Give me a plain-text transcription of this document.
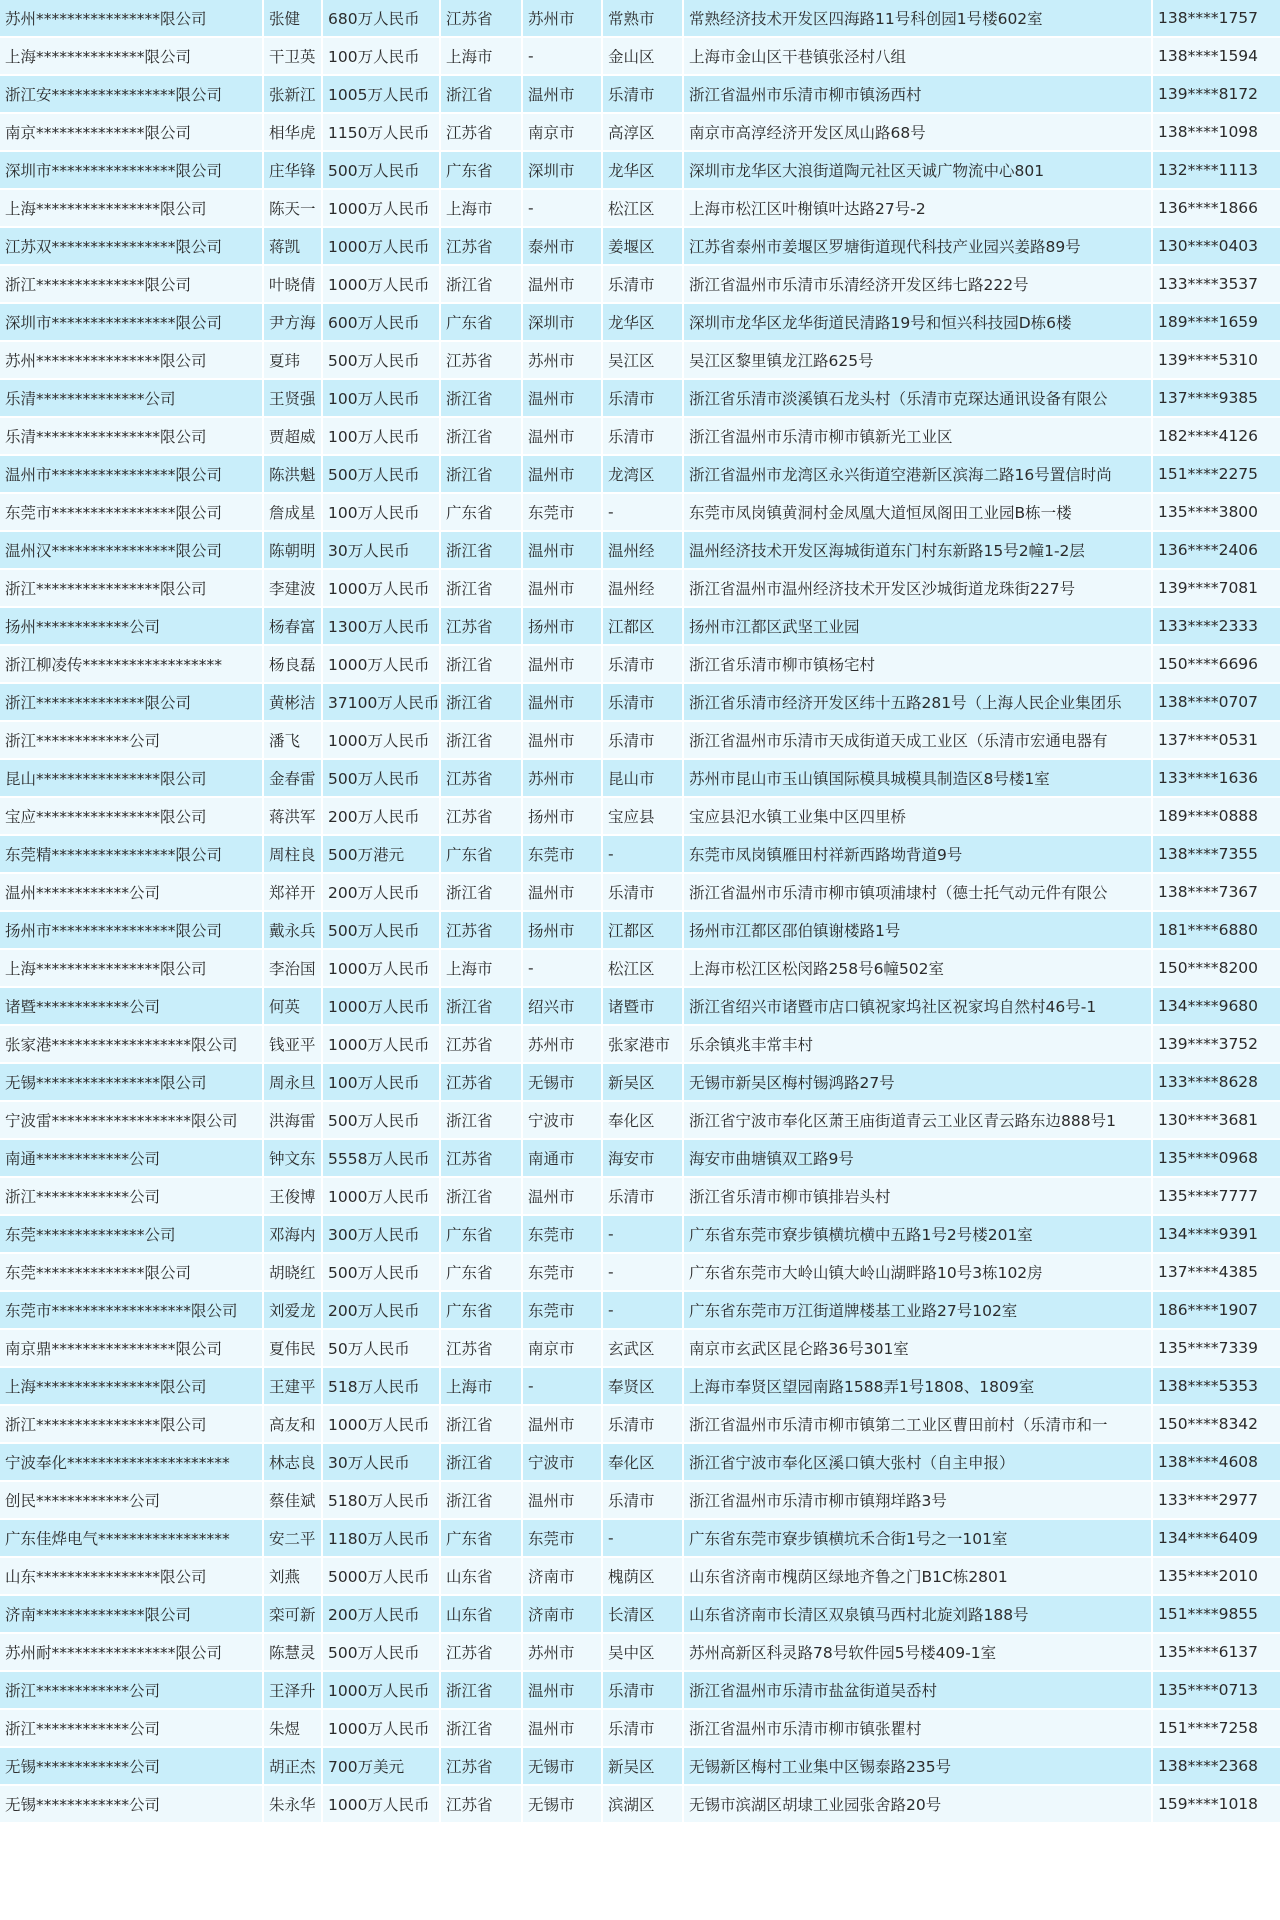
苏州****************限公司	张健	680万人民币	江苏省	苏州市	常熟市	常熟经济技术开发区四海路11号科创园1号楼602室	138****1757
上海**************限公司	干卫英	100万人民币	上海市	-	金山区	上海市金山区干巷镇张泾村八组	138****1594
浙江安****************限公司	张新江	1005万人民币	浙江省	温州市	乐清市	浙江省温州市乐清市柳市镇汤西村	139****8172
南京**************限公司	相华虎	1150万人民币	江苏省	南京市	高淳区	南京市高淳经济开发区凤山路68号	138****1098
深圳市****************限公司	庄华锋	500万人民币	广东省	深圳市	龙华区	深圳市龙华区大浪街道陶元社区天诚广物流中心801	132****1113
上海****************限公司	陈天一	1000万人民币	上海市	-	松江区	上海市松江区叶榭镇叶达路27号-2	136****1866
江苏双****************限公司	蒋凯	1000万人民币	江苏省	泰州市	姜堰区	江苏省泰州市姜堰区罗塘街道现代科技产业园兴姜路89号	130****0403
浙江**************限公司	叶晓倩	1000万人民币	浙江省	温州市	乐清市	浙江省温州市乐清市乐清经济开发区纬七路222号	133****3537
深圳市****************限公司	尹方海	600万人民币	广东省	深圳市	龙华区	深圳市龙华区龙华街道民清路19号和恒兴科技园D栋6楼	189****1659
苏州****************限公司	夏玮	500万人民币	江苏省	苏州市	吴江区	吴江区黎里镇龙江路625号	139****5310
乐清**************公司	王贤强	100万人民币	浙江省	温州市	乐清市	浙江省乐清市淡溪镇石龙头村（乐清市克琛达通讯设备有限公	137****9385
乐清****************限公司	贾超威	100万人民币	浙江省	温州市	乐清市	浙江省温州市乐清市柳市镇新光工业区	182****4126
温州市****************限公司	陈洪魁	500万人民币	浙江省	温州市	龙湾区	浙江省温州市龙湾区永兴街道空港新区滨海二路16号置信时尚	151****2275
东莞市****************限公司	詹成星	100万人民币	广东省	东莞市	-	东莞市凤岗镇黄洞村金凤凰大道恒凤阁田工业园B栋一楼	135****3800
温州汉****************限公司	陈朝明	30万人民币	浙江省	温州市	温州经	温州经济技术开发区海城街道东门村东新路15号2幢1-2层	136****2406
浙江****************限公司	李建波	1000万人民币	浙江省	温州市	温州经	浙江省温州市温州经济技术开发区沙城街道龙珠街227号	139****7081
扬州************公司	杨春富	1300万人民币	江苏省	扬州市	江都区	扬州市江都区武坚工业园	133****2333
浙江柳凌传******************	杨良磊	1000万人民币	浙江省	温州市	乐清市	浙江省乐清市柳市镇杨宅村	150****6696
浙江**************限公司	黄彬洁	37100万人民币	浙江省	温州市	乐清市	浙江省乐清市经济开发区纬十五路281号（上海人民企业集团乐	138****0707
浙江************公司	潘飞	1000万人民币	浙江省	温州市	乐清市	浙江省温州市乐清市天成街道天成工业区（乐清市宏通电器有	137****0531
昆山****************限公司	金春雷	500万人民币	江苏省	苏州市	昆山市	苏州市昆山市玉山镇国际模具城模具制造区8号楼1室	133****1636
宝应****************限公司	蒋洪军	200万人民币	江苏省	扬州市	宝应县	宝应县氾水镇工业集中区四里桥	189****0888
东莞精****************限公司	周柱良	500万港元	广东省	东莞市	-	东莞市凤岗镇雁田村祥新西路坳背道9号	138****7355
温州************公司	郑祥开	200万人民币	浙江省	温州市	乐清市	浙江省温州市乐清市柳市镇项浦埭村（德士托气动元件有限公	138****7367
扬州市****************限公司	戴永兵	500万人民币	江苏省	扬州市	江都区	扬州市江都区邵伯镇谢楼路1号	181****6880
上海****************限公司	李治国	1000万人民币	上海市	-	松江区	上海市松江区松闵路258号6幢502室	150****8200
诸暨************公司	何英	1000万人民币	浙江省	绍兴市	诸暨市	浙江省绍兴市诸暨市店口镇祝家坞社区祝家坞自然村46号-1	134****9680
张家港******************限公司	钱亚平	1000万人民币	江苏省	苏州市	张家港市	乐余镇兆丰常丰村	139****3752
无锡****************限公司	周永旦	100万人民币	江苏省	无锡市	新吴区	无锡市新吴区梅村锡鸿路27号	133****8628
宁波雷******************限公司	洪海雷	500万人民币	浙江省	宁波市	奉化区	浙江省宁波市奉化区萧王庙街道青云工业区青云路东边888号1	130****3681
南通************公司	钟文东	5558万人民币	江苏省	南通市	海安市	海安市曲塘镇双工路9号	135****0968
浙江************公司	王俊博	1000万人民币	浙江省	温州市	乐清市	浙江省乐清市柳市镇排岩头村	135****7777
东莞**************公司	邓海内	300万人民币	广东省	东莞市	-	广东省东莞市寮步镇横坑横中五路1号2号楼201室	134****9391
东莞**************限公司	胡晓红	500万人民币	广东省	东莞市	-	广东省东莞市大岭山镇大岭山湖畔路10号3栋102房	137****4385
东莞市******************限公司	刘爱龙	200万人民币	广东省	东莞市	-	广东省东莞市万江街道牌楼基工业路27号102室	186****1907
南京鼎****************限公司	夏伟民	50万人民币	江苏省	南京市	玄武区	南京市玄武区昆仑路36号301室	135****7339
上海****************限公司	王建平	518万人民币	上海市	-	奉贤区	上海市奉贤区望园南路1588弄1号1808、1809室	138****5353
浙江****************限公司	高友和	1000万人民币	浙江省	温州市	乐清市	浙江省温州市乐清市柳市镇第二工业区曹田前村（乐清市和一	150****8342
宁波奉化*********************	林志良	30万人民币	浙江省	宁波市	奉化区	浙江省宁波市奉化区溪口镇大张村（自主申报）	138****4608
创民************公司	蔡佳斌	5180万人民币	浙江省	温州市	乐清市	浙江省温州市乐清市柳市镇翔垟路3号	133****2977
广东佳烨电气*****************	安二平	1180万人民币	广东省	东莞市	-	广东省东莞市寮步镇横坑禾合街1号之一101室	134****6409
山东****************限公司	刘燕	5000万人民币	山东省	济南市	槐荫区	山东省济南市槐荫区绿地齐鲁之门B1C栋2801	135****2010
济南**************限公司	栾可新	200万人民币	山东省	济南市	长清区	山东省济南市长清区双泉镇马西村北旋刘路188号	151****9855
苏州耐****************限公司	陈慧灵	500万人民币	江苏省	苏州市	吴中区	苏州高新区科灵路78号软件园5号楼409-1室	135****6137
浙江************公司	王泽升	1000万人民币	浙江省	温州市	乐清市	浙江省温州市乐清市盐盆街道吴岙村	135****0713
浙江************公司	朱煜	1000万人民币	浙江省	温州市	乐清市	浙江省温州市乐清市柳市镇张瞿村	151****7258
无锡************公司	胡正杰	700万美元	江苏省	无锡市	新吴区	无锡新区梅村工业集中区锡泰路235号	138****2368
无锡************公司	朱永华	1000万人民币	江苏省	无锡市	滨湖区	无锡市滨湖区胡埭工业园张舍路20号	159****1018
